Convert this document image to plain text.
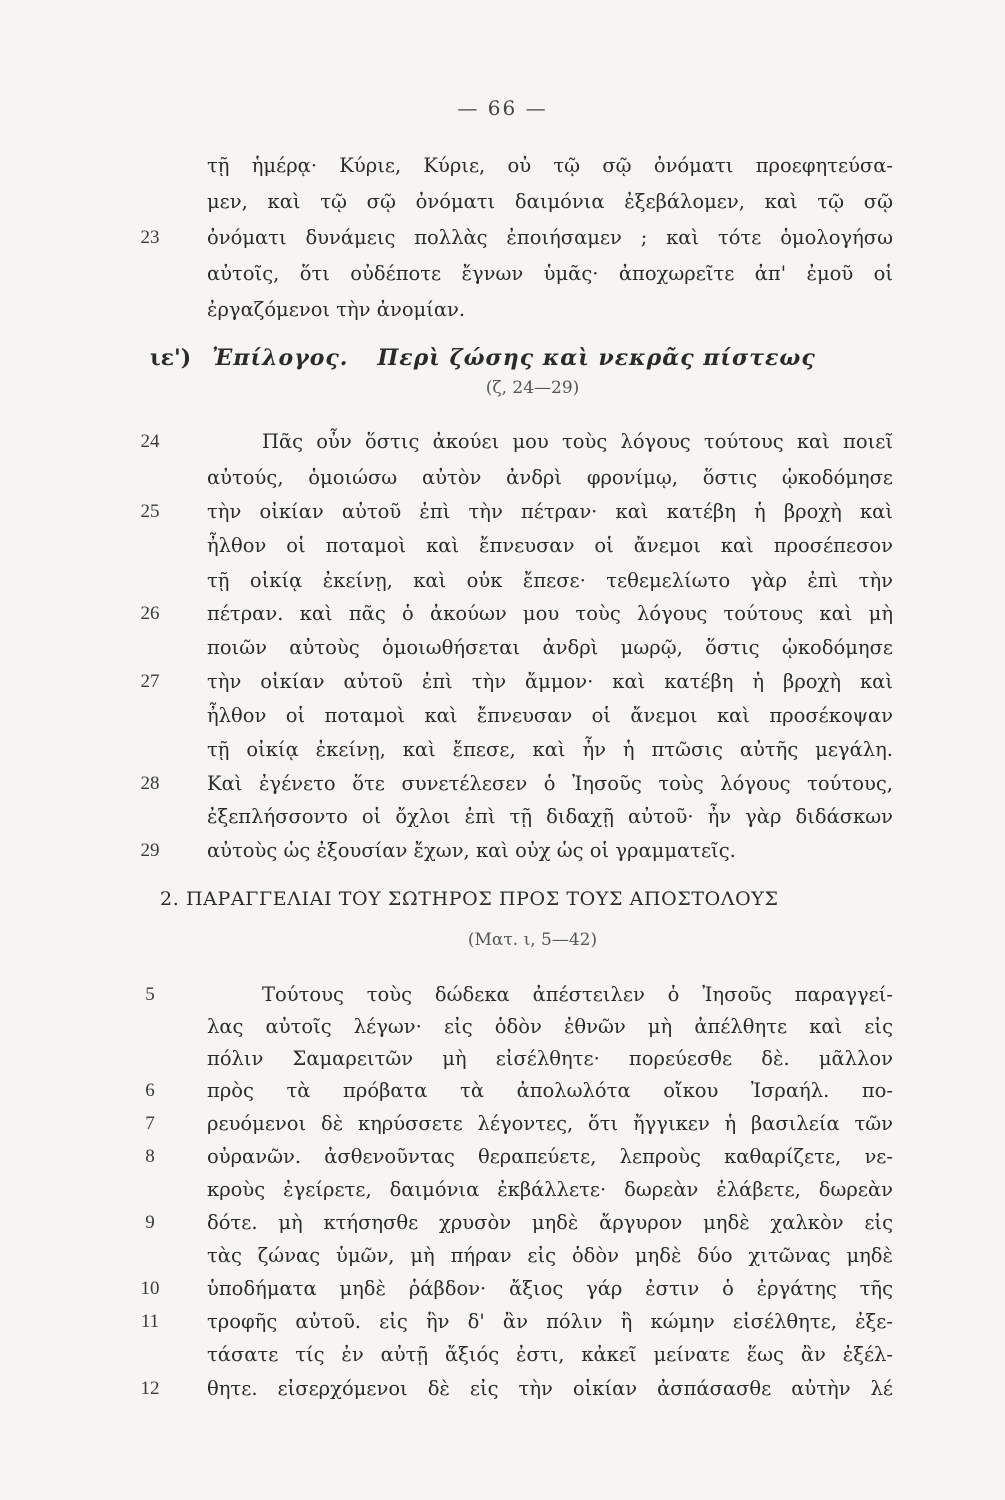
— 66 —
τῇ ἡμέρᾳ· Κύριε, Κύριε, οὐ τῷ σῷ ὀνόματι προεφητεύσα-
μεν, καὶ τῷ σῷ ὀνόματι δαιμόνια ἐξεβάλομεν, καὶ τῷ σῷ
23	ὀνόματι δυνάμεις πολλὰς ἐποιήσαμεν ; καὶ τότε ὁμολογήσω
αὐτοῖς, ὅτι οὐδέποτε ἔγνων ὑμᾶς· ἀποχωρεῖτε ἀπ' ἐμοῦ οἱ
ἐργαζόμενοι τὴν ἀνομίαν.
ιε') Ἐπίλογος. Περὶ ζώσης καὶ νεκρᾶς πίστεως
(ζ, 24—29)
24	Πᾶς οὖν ὅστις ἀκούει μου τοὺς λόγους τούτους καὶ ποιεῖ
αὐτούς, ὁμοιώσω αὐτὸν ἀνδρὶ φρονίμῳ, ὅστις ᾠκοδόμησε
25	τὴν οἰκίαν αὐτοῦ ἐπὶ τὴν πέτραν· καὶ κατέβη ἡ βροχὴ καὶ
ἦλθον οἱ ποταμοὶ καὶ ἔπνευσαν οἱ ἄνεμοι καὶ προσέπεσον
τῇ οἰκίᾳ ἐκείνῃ, καὶ οὐκ ἔπεσε· τεθεμελίωτο γὰρ ἐπὶ τὴν
26	πέτραν. καὶ πᾶς ὁ ἀκούων μου τοὺς λόγους τούτους καὶ μὴ
ποιῶν αὐτοὺς ὁμοιωθήσεται ἀνδρὶ μωρῷ, ὅστις ᾠκοδόμησε
27	τὴν οἰκίαν αὐτοῦ ἐπὶ τὴν ἄμμον· καὶ κατέβη ἡ βροχὴ καὶ
ἦλθον οἱ ποταμοὶ καὶ ἔπνευσαν οἱ ἄνεμοι καὶ προσέκοψαν
τῇ οἰκίᾳ ἐκείνῃ, καὶ ἔπεσε, καὶ ἦν ἡ πτῶσις αὐτῆς μεγάλη.
28	Καὶ ἐγένετο ὅτε συνετέλεσεν ὁ Ἰησοῦς τοὺς λόγους τούτους,
ἐξεπλήσσοντο οἱ ὄχλοι ἐπὶ τῇ διδαχῇ αὐτοῦ· ἦν γὰρ διδάσκων
29	αὐτοὺς ὡς ἐξουσίαν ἔχων, καὶ οὐχ ὡς οἱ γραμματεῖς.
2. ΠΑΡΑΓΓΕΛΙΑΙ ΤΟΥ ΣΩΤΗΡΟΣ ΠΡΟΣ ΤΟΥΣ ΑΠΟΣΤΟΛΟΥΣ
(Ματ. ι, 5—42)
5	Τούτους τοὺς δώδεκα ἀπέστειλεν ὁ Ἰησοῦς παραγγεί-
λας αὐτοῖς λέγων· εἰς ὁδὸν ἐθνῶν μὴ ἀπέλθητε καὶ εἰς
πόλιν Σαμαρειτῶν μὴ εἰσέλθητε· πορεύεσθε δὲ. μᾶλλον
6	πρὸς τὰ πρόβατα τὰ ἀπολωλότα οἴκου Ἰσραήλ. πο-
7	ρευόμενοι δὲ κηρύσσετε λέγοντες, ὅτι ἤγγικεν ἡ βασιλεία τῶν
8	οὐρανῶν. ἀσθενοῦντας θεραπεύετε, λεπροὺς καθαρίζετε, νε-
κροὺς ἐγείρετε, δαιμόνια ἐκβάλλετε· δωρεὰν ἐλάβετε, δωρεὰν
9	δότε. μὴ κτήσησθε χρυσὸν μηδὲ ἄργυρον μηδὲ χαλκὸν εἰς
τὰς ζώνας ὑμῶν, μὴ πήραν εἰς ὁδὸν μηδὲ δύο χιτῶνας μηδὲ
10	ὑποδήματα μηδὲ ῥάβδον· ἄξιος γάρ ἐστιν ὁ ἐργάτης τῆς
11	τροφῆς αὐτοῦ. εἰς ἣν δ' ἂν πόλιν ἢ κώμην εἰσέλθητε, ἐξε-
τάσατε τίς ἐν αὐτῇ ἄξιός ἐστι, κἀκεῖ μείνατε ἕως ἂν ἐξέλ-
12	θητε. εἰσερχόμενοι δὲ εἰς τὴν οἰκίαν ἀσπάσασθε αὐτὴν λέ
